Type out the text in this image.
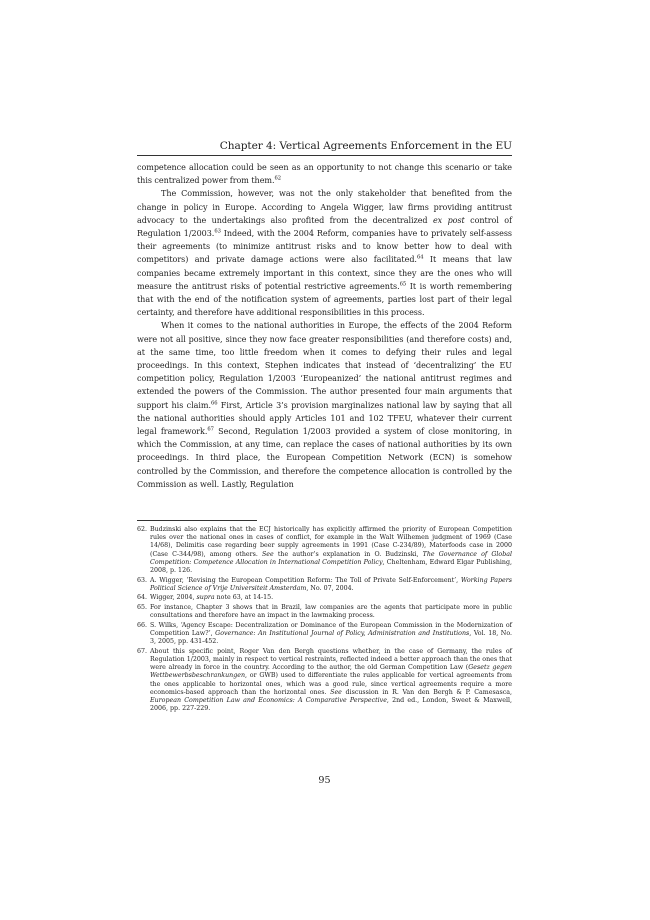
Chapter 4: Vertical Agreements Enforcement in the EU

competence allocation could be seen as an opportunity to not change this scenario or take this centralized power from them.$^{62}$

The Commission, however, was not the only stakeholder that benefited from the change in policy in Europe. According to Angela Wigger, law firms providing antitrust advocacy to the undertakings also profited from the decentralized ex post control of Regulation 1/2003.63 Indeed, with the 2004 Reform, companies have to privately self-assess their agreements (to minimize antitrust risks and to know better how to deal with competitors) and private damage actions were also facilitated.$^{64}$ It means that law companies became extremely important in this context, since they are the ones who will measure the antitrust risks of potential restrictive agreements.$^{65}$ It is worth remembering that with the end of the notification system of agreements, parties lost part of their legal certainty, and therefore have additional responsibilities in this process.

When it comes to the national authorities in Europe, the effects of the 2004 Reform were not all positive, since they now face greater responsibilities (and therefore costs) and, at the same time, too little freedom when it comes to defying their rules and legal proceedings. In this context, Stephen indicates that instead of ‘decentralizing’ the EU competition policy, Regulation 1/2003 ‘Europeanized’ the national antitrust regimes and extended the powers of the Commission. The author presented four main arguments that support his claim.$^{66}$ First, Article 3’s provision marginalizes national law by saying that all the national authorities should apply Articles 101 and 102 TFEU, whatever their current legal framework.$^{67}$ Second, Regulation 1/2003 provided a system of close monitoring, in which the Commission, at any time, can replace the cases of national authorities by its own proceedings. In third place, the European Competition Network (ECN) is somehow controlled by the Commission, and therefore the competence allocation is controlled by the Commission as well. Lastly, Regulation

62. Budzinski also explains that the ECJ historically has explicitly affirmed the priority of European Competition rules over the national ones in cases of conflict, for example in the Walt Wilhemen judgment of 1969 (Case 14/68), Delimitis case regarding beer supply agreements in 1991 (Case C-234/89), Materfoods case in 2000 (Case C-344/98), among others. See the author’s explanation in O. Budzinski, The Governance of Global Competition: Competence Allocation in International Competition Policy, Cheltenham, Edward Elgar Publishing, 2008, p. 126.
63. A. Wigger, ‘Revising the European Competition Reform: The Toll of Private Self-Enforcement’, Working Papers Political Science of Vrije Universiteit Amsterdam, No. 07, 2004.
64. Wigger, 2004, supra note 63, at 14-15.
65. For instance, Chapter 3 shows that in Brazil, law companies are the agents that participate more in public consultations and therefore have an impact in the lawmaking process.
66. S. Wilks, ‘Agency Escape: Decentralization or Dominance of the European Commission in the Modernization of Competition Law?’, Governance: An Institutional Journal of Policy, Administration and Institutions, Vol. 18, No. 3, 2005, pp. 431-452.
67. About this specific point, Roger Van den Bergh questions whether, in the case of Germany, the rules of Regulation 1/2003, mainly in respect to vertical restraints, reflected indeed a better approach than the ones that were already in force in the country. According to the author, the old German Competition Law (Gesetz gegen Wettbewerbsbeschrankungen, or GWB) used to differentiate the rules applicable for vertical agreements from the ones applicable to horizontal ones, which was a good rule, since vertical agreements require a more economics-based approach than the horizontal ones. See discussion in R. Van den Bergh & P. Camesasca, European Competition Law and Economics: A Comparative Perspective, 2nd ed., London, Sweet & Maxwell, 2006, pp. 227-229.
95
